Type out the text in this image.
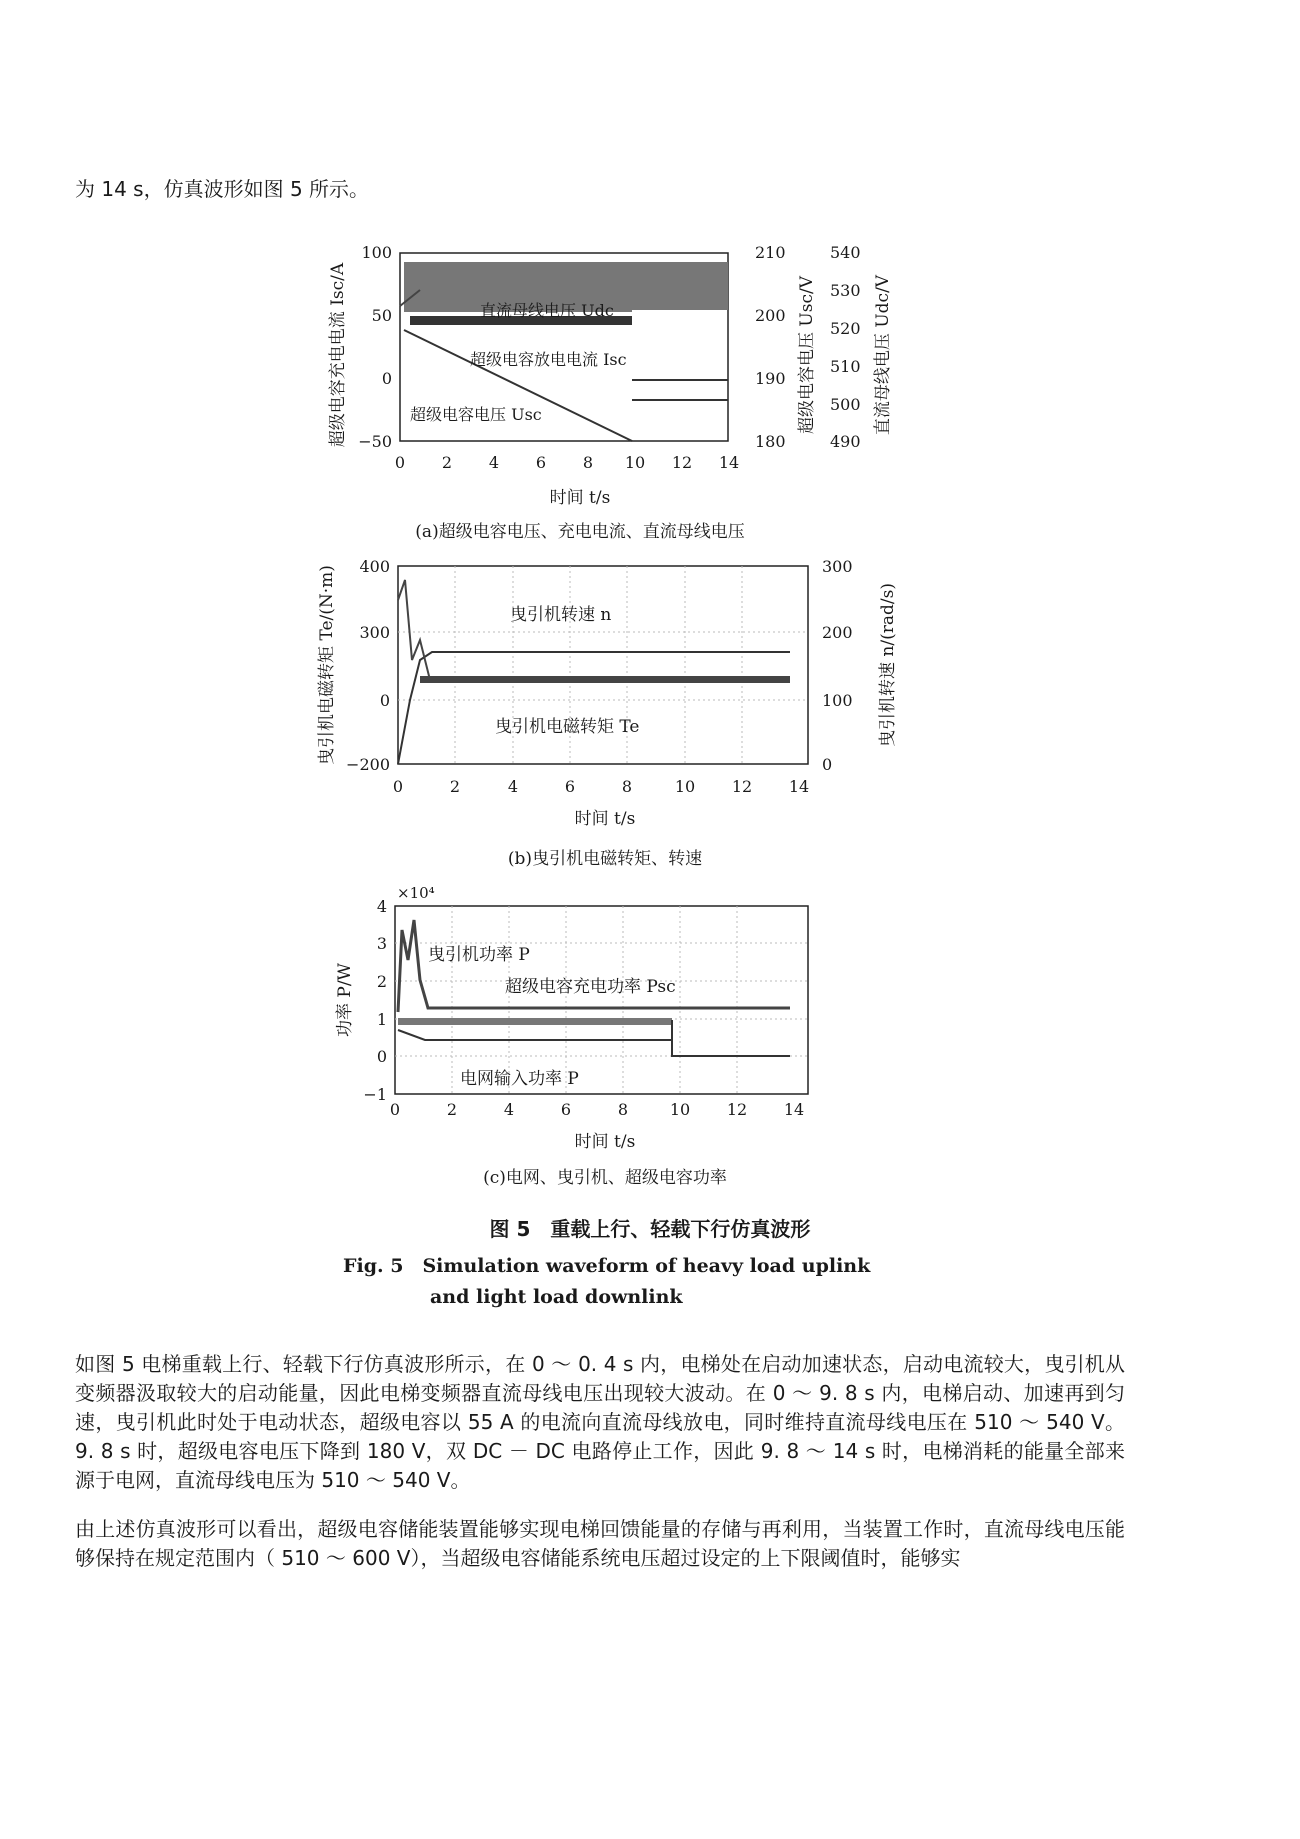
为 14 s，仿真波形如图 5 所示。
直流母线电压 Udc
超级电容放电电流 Isc
超级电容电压 Usc
100
50
0
−50
210
200
190
180
540
530
520
510
500
490
0 2 4 6 8 10 12 14
时间 t/s
(a)超级电容电压、充电电流、直流母线电压
超级电容充电电流 Isc/A	超级电容电压 Usc/V	直流母线电压 Udc/V
曳引机转速 n
曳引机电磁转矩 Te
400
300
0
−200
300
200
100
0
0	2	4	6	8	10 12 14
时间 t/s
(b)曳引机电磁转矩、转速
曳引机电磁转矩 Te/(N·m)	曳引机转速 n/(rad/s)
曳引机功率 P
超级电容充电功率 Psc
电网输入功率 P
×10⁴
4
3
2
1
0
−1
0	2	4	6	8	10 12 14
时间 t/s
(c)电网、曳引机、超级电容功率
功率 P/W
图 5　重载上行、轻载下行仿真波形
Fig. 5　Simulation waveform of heavy load uplink
and light load downlink
如图 5 电梯重载上行、轻载下行仿真波形所示，在 0 ～ 0. 4 s 内，电梯处在启动加速状态，启动电流较大，曳引机从变频器汲取较大的启动能量，因此电梯变频器直流母线电压出现较大波动。在 0 ～ 9. 8 s 内，电梯启动、加速再到匀速，曳引机此时处于电动状态，超级电容以 55 A 的电流向直流母线放电，同时维持直流母线电压在 510 ～ 540 V。9. 8 s 时，超级电容电压下降到 180 V，双 DC － DC 电路停止工作，因此 9. 8 ～ 14 s 时，电梯消耗的能量全部来源于电网，直流母线电压为 510 ～ 540 V。
由上述仿真波形可以看出，超级电容储能装置能够实现电梯回馈能量的存储与再利用，当装置工作时，直流母线电压能够保持在规定范围内（ 510 ～ 600 V），当超级电容储能系统电压超过设定的上下限阈值时，能够实
